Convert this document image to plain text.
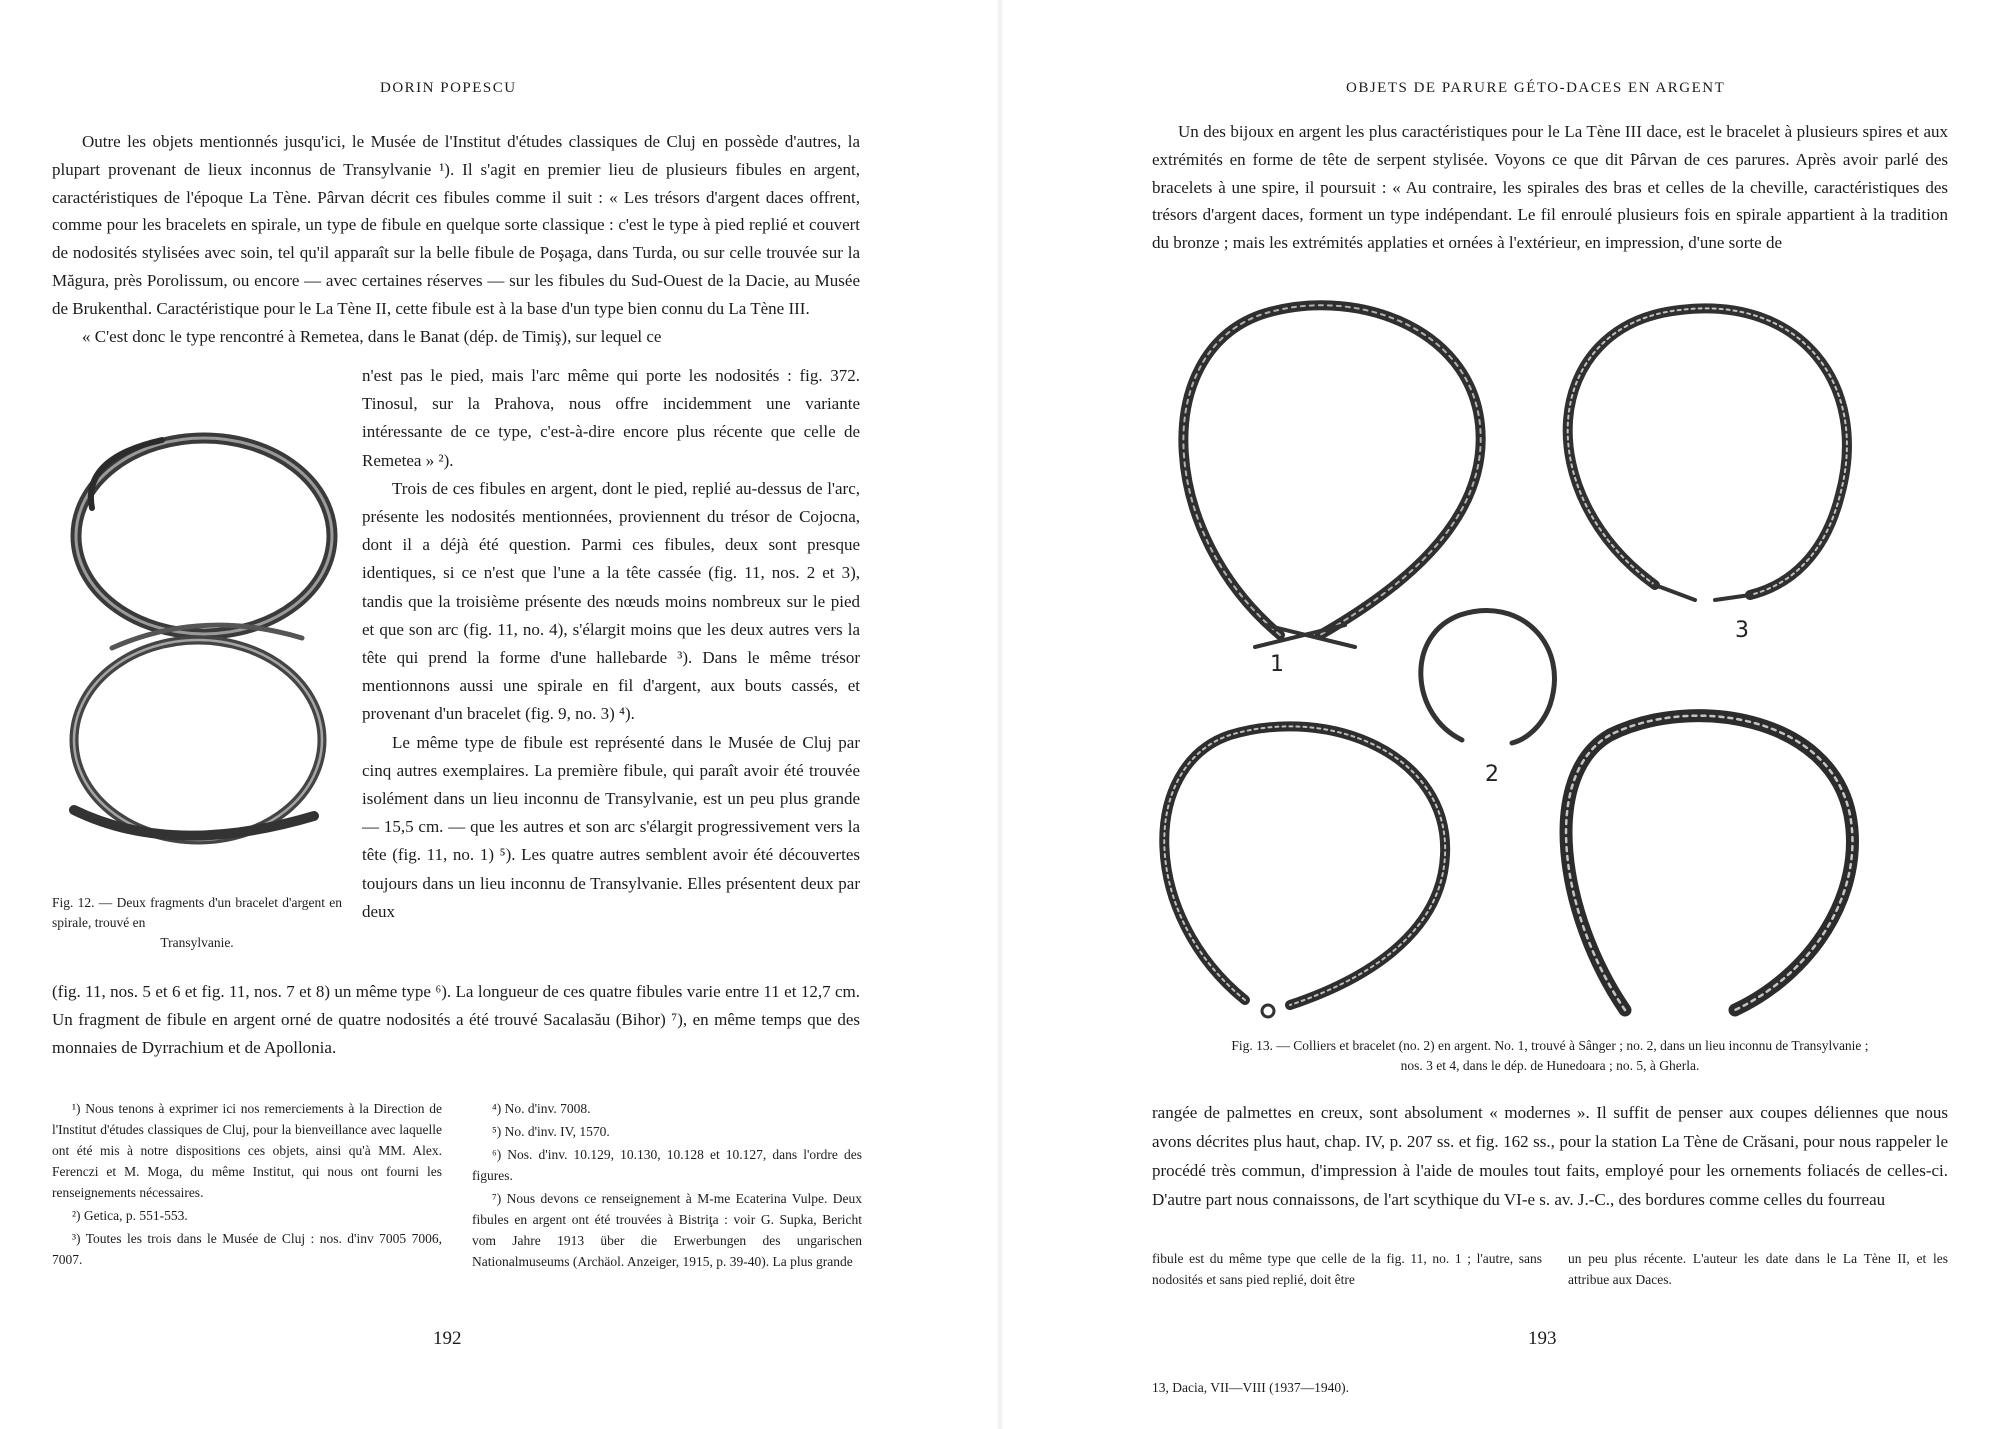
DORIN POPESCU

Outre les objets mentionnés jusqu'ici, le Musée de l'Institut d'études classiques de Cluj en possède d'autres, la plupart provenant de lieux inconnus de Transylvanie ¹). Il s'agit en premier lieu de plusieurs fibules en argent, caractéristiques de l'époque La Tène. Pârvan décrit ces fibules comme il suit : « Les trésors d'argent daces offrent, comme pour les bracelets en spirale, un type de fibule en quelque sorte classique : c'est le type à pied replié et couvert de nodosités stylisées avec soin, tel qu'il apparaît sur la belle fibule de Poşaga, dans Turda, ou sur celle trouvée sur la Măgura, près Porolissum, ou encore — avec certaines réserves — sur les fibules du Sud-Ouest de la Dacie, au Musée de Brukenthal. Caractéristique pour le La Tène II, cette fibule est à la base d'un type bien connu du La Tène III.

« C'est donc le type rencontré à Remetea, dans le Banat (dép. de Timiş), sur lequel ce

Fig. 12. — Deux fragments d'un bracelet d'argent en spirale, trouvé en
Transylvanie.

n'est pas le pied, mais l'arc même qui porte les nodosités : fig. 372. Tinosul, sur la Prahova, nous offre incidemment une variante intéressante de ce type, c'est-à-dire encore plus récente que celle de Remetea » ²).

Trois de ces fibules en argent, dont le pied, replié au-dessus de l'arc, présente les nodosités mentionnées, proviennent du trésor de Cojocna, dont il a déjà été question. Parmi ces fibules, deux sont presque identiques, si ce n'est que l'une a la tête cassée (fig. 11, nos. 2 et 3), tandis que la troisième présente des nœuds moins nombreux sur le pied et que son arc (fig. 11, no. 4), s'élargit moins que les deux autres vers la tête qui prend la forme d'une hallebarde ³). Dans le même trésor mentionnons aussi une spirale en fil d'argent, aux bouts cassés, et provenant d'un bracelet (fig. 9, no. 3) ⁴).

Le même type de fibule est représenté dans le Musée de Cluj par cinq autres exemplaires. La première fibule, qui paraît avoir été trouvée isolément dans un lieu inconnu de Transylvanie, est un peu plus grande — 15,5 cm. — que les autres et son arc s'élargit progressivement vers la tête (fig. 11, no. 1) ⁵). Les quatre autres semblent avoir été découvertes toujours dans un lieu inconnu de Transylvanie. Elles présentent deux par deux

(fig. 11, nos. 5 et 6 et fig. 11, nos. 7 et 8) un même type ⁶). La longueur de ces quatre fibules varie entre 11 et 12,7 cm. Un fragment de fibule en argent orné de quatre nodosités a été trouvé Sacalasău (Bihor) ⁷), en même temps que des monnaies de Dyrrachium et de Apollonia.

¹) Nous tenons à exprimer ici nos remerciements à la Direction de l'Institut d'études classiques de Cluj, pour la bienveillance avec laquelle ont été mis à notre dispositions ces objets, ainsi qu'à MM. Alex. Ferenczi et M. Moga, du même Institut, qui nous ont fourni les renseignements nécessaires.

²) Getica, p. 551-553.

³) Toutes les trois dans le Musée de Cluj : nos. d'inv 7005 7006, 7007.

⁴) No. d'inv. 7008.

⁵) No. d'inv. IV, 1570.

⁶) Nos. d'inv. 10.129, 10.130, 10.128 et 10.127, dans l'ordre des figures.

⁷) Nous devons ce renseignement à M-me Ecaterina Vulpe. Deux fibules en argent ont été trouvées à Bistriţa : voir G. Supka, Bericht vom Jahre 1913 über die Erwerbungen des ungarischen Nationalmuseums (Archäol. Anzeiger, 1915, p. 39-40). La plus grande

192
OBJETS DE PARURE GÉTO-DACES EN ARGENT

Un des bijoux en argent les plus caractéristiques pour le La Tène III dace, est le bracelet à plusieurs spires et aux extrémités en forme de tête de serpent stylisée. Voyons ce que dit Pârvan de ces parures. Après avoir parlé des bracelets à une spire, il poursuit : « Au contraire, les spirales des bras et celles de la cheville, caractéristiques des trésors d'argent daces, forment un type indépendant. Le fil enroulé plusieurs fois en spirale appartient à la tradition du bronze ; mais les extrémités applaties et ornées à l'extérieur, en impression, d'une sorte de

1
2
3
Fig. 13. — Colliers et bracelet (no. 2) en argent. No. 1, trouvé à Sânger ; no. 2, dans un lieu inconnu de Transylvanie ; nos. 3 et 4, dans le dép. de Hunedoara ; no. 5, à Gherla.

rangée de palmettes en creux, sont absolument « modernes ». Il suffit de penser aux coupes déliennes que nous avons décrites plus haut, chap. IV, p. 207 ss. et fig. 162 ss., pour la station La Tène de Crăsani, pour nous rappeler le procédé très commun, d'impression à l'aide de moules tout faits, employé pour les ornements foliacés de celles-ci. D'autre part nous connaissons, de l'art scythique du VI-e s. av. J.-C., des bordures comme celles du fourreau

fibule est du même type que celle de la fig. 11, no. 1 ; l'autre, sans nodosités et sans pied replié, doit être

un peu plus récente. L'auteur les date dans le La Tène II, et les attribue aux Daces.

193
13, Dacia, VII—VIII (1937—1940).
